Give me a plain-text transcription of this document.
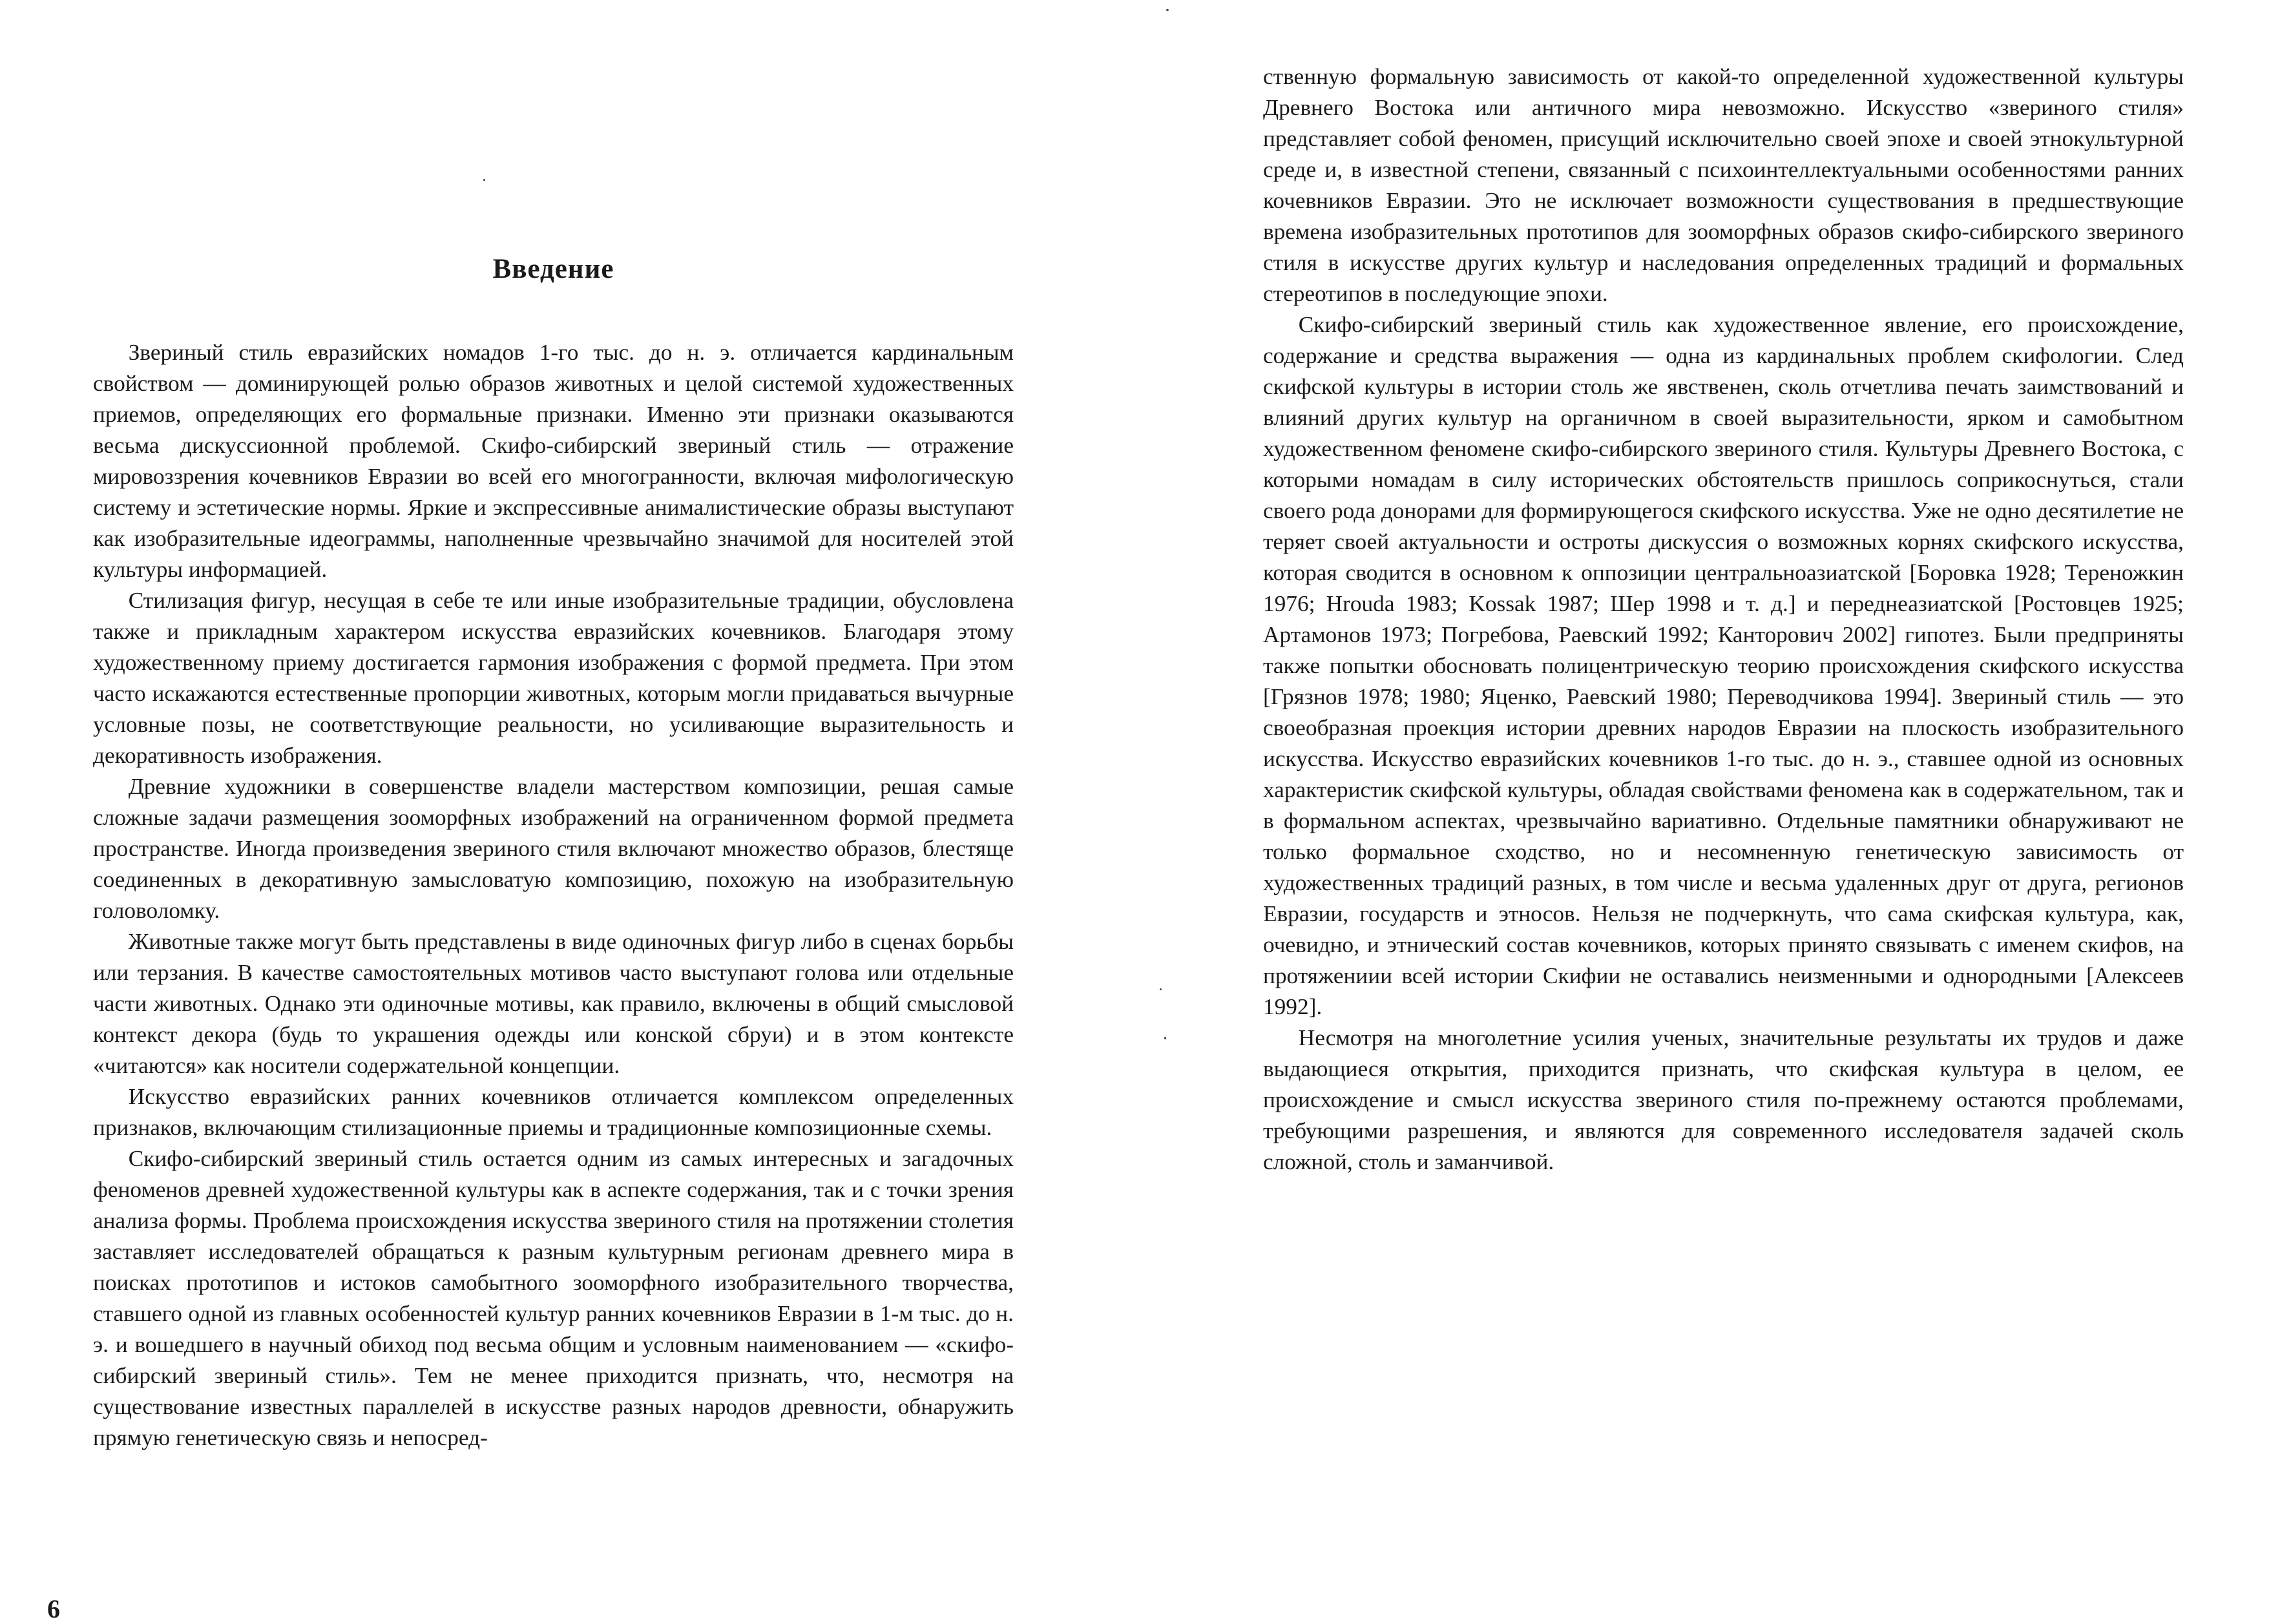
Введение

Звериный стиль евразийских номадов 1-го тыс. до н. э. отличается кардинальным свойством — доминирующей ролью образов животных и целой системой художественных приемов, определяющих его формальные признаки. Именно эти признаки оказываются весьма дискуссионной проблемой. Скифо-сибирский звериный стиль — отражение мировоззрения кочевников Евразии во всей его многогранности, включая мифологическую систему и эстетические нормы. Яркие и экспрессивные анималистические образы выступают как изобразительные идеограммы, наполненные чрезвычайно значимой для носителей этой культуры информацией.

Стилизация фигур, несущая в себе те или иные изобразительные традиции, обусловлена также и прикладным характером искусства евразийских кочевников. Благодаря этому художественному приему достигается гармония изображения с формой предмета. При этом часто искажаются естественные пропорции животных, которым могли придаваться вычурные условные позы, не соответствующие реальности, но усиливающие выразительность и декоративность изображения.

Древние художники в совершенстве владели мастерством композиции, решая самые сложные задачи размещения зооморфных изображений на ограниченном формой предмета пространстве. Иногда произведения звериного стиля включают множество образов, блестяще соединенных в декоративную замысловатую композицию, похожую на изобразительную головоломку.

Животные также могут быть представлены в виде одиночных фигур либо в сценах борьбы или терзания. В качестве самостоятельных мотивов часто выступают голова или отдельные части животных. Однако эти одиночные мотивы, как правило, включены в общий смысловой контекст декора (будь то украшения одежды или конской сбруи) и в этом контексте «читаются» как носители содержательной концепции.

Искусство евразийских ранних кочевников отличается комплексом определенных признаков, включающим стилизационные приемы и традиционные композиционные схемы.

Скифо-сибирский звериный стиль остается одним из самых интересных и загадочных феноменов древней художественной культуры как в аспекте содержания, так и с точки зрения анализа формы. Проблема происхождения искусства звериного стиля на протяжении столетия заставляет исследователей обращаться к разным культурным регионам древнего мира в поисках прототипов и истоков самобытного зооморфного изобразительного творчества, ставшего одной из главных особенностей культур ранних кочевников Евразии в 1-м тыс. до н. э. и вошедшего в научный обиход под весьма общим и условным наименованием — «скифо-сибирский звериный стиль». Тем не менее приходится признать, что, несмотря на существование известных параллелей в искусстве разных народов древности, обнаружить прямую генетическую связь и непосред-

6

ственную формальную зависимость от какой-то определенной художественной культуры Древнего Востока или античного мира невозможно. Искусство «звериного стиля» представляет собой феномен, присущий исключительно своей эпохе и своей этнокультурной среде и, в известной степени, связанный с психоинтеллектуальными особенностями ранних кочевников Евразии. Это не исключает возможности существования в предшествующие времена изобразительных прототипов для зооморфных образов скифо-сибирского звериного стиля в искусстве других культур и наследования определенных традиций и формальных стереотипов в последующие эпохи.

Скифо-сибирский звериный стиль как художественное явление, его происхождение, содержание и средства выражения — одна из кардинальных проблем скифологии. След скифской культуры в истории столь же явственен, сколь отчетлива печать заимствований и влияний других культур на органичном в своей выразительности, ярком и самобытном художественном феномене скифо-сибирского звериного стиля. Культуры Древнего Востока, с которыми номадам в силу исторических обстоятельств пришлось соприкоснуться, стали своего рода донорами для формирующегося скифского искусства. Уже не одно десятилетие не теряет своей актуальности и остроты дискуссия о возможных корнях скифского искусства, которая сводится в основном к оппозиции центральноазиатской [Боровка 1928; Тереножкин 1976; Hrouda 1983; Kossak 1987; Шер 1998 и т. д.] и переднеазиатской [Ростовцев 1925; Артамонов 1973; Погребова, Раевский 1992; Канторович 2002] гипотез. Были предприняты также попытки обосновать полицентрическую теорию происхождения скифского искусства [Грязнов 1978; 1980; Яценко, Раевский 1980; Переводчикова 1994]. Звериный стиль — это своеобразная проекция истории древних народов Евразии на плоскость изобразительного искусства. Искусство евразийских кочевников 1-го тыс. до н. э., ставшее одной из основных характеристик скифской культуры, обладая свойствами феномена как в содержательном, так и в формальном аспектах, чрезвычайно вариативно. Отдельные памятники обнаруживают не только формальное сходство, но и несомненную генетическую зависимость от художественных традиций разных, в том числе и весьма удаленных друг от друга, регионов Евразии, государств и этносов. Нельзя не подчеркнуть, что сама скифская культура, как, очевидно, и этнический состав кочевников, которых принято связывать с именем скифов, на протяжениии всей истории Скифии не оставались неизменными и однородными [Алексеев 1992].

Несмотря на многолетние усилия ученых, значительные результаты их трудов и даже выдающиеся открытия, приходится признать, что скифская культура в целом, ее происхождение и смысл искусства звериного стиля по-прежнему остаются проблемами, требующими разрешения, и являются для современного исследователя задачей сколь сложной, столь и заманчивой.
